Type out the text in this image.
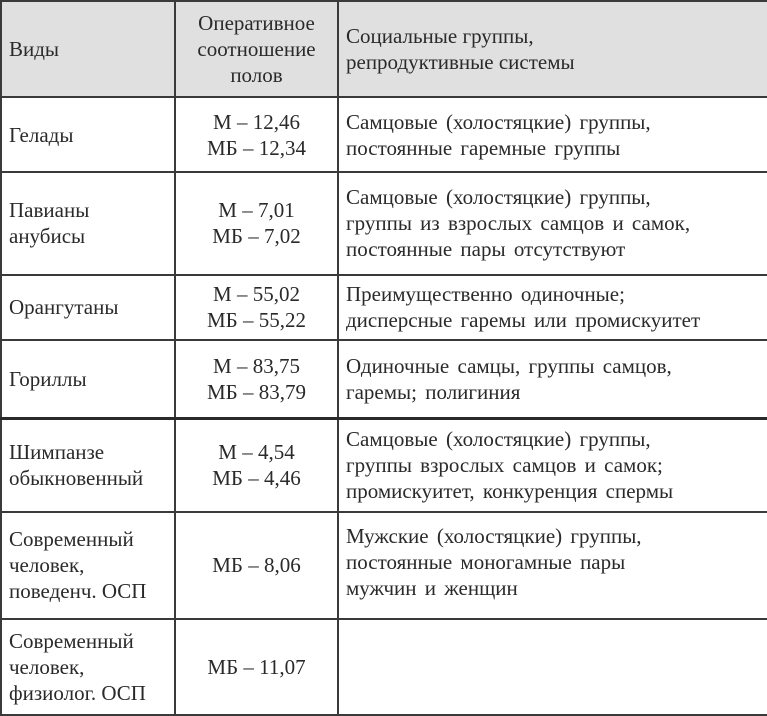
Виды	Оперативное
соотношение
полов	Социальные группы,
репродуктивные системы

Гелады	М – 12,46
МБ – 12,34	Самцовые (холостяцкие) группы,
постоянные гаремные группы

Павианы
анубисы	М – 7,01
МБ – 7,02	Самцовые (холостяцкие) группы,
группы из взрослых самцов и самок,
постоянные пары отсутствуют

Орангутаны	М – 55,02
МБ – 55,22	Преимущественно одиночные;
дисперсные гаремы или промискуитет

Гориллы	М – 83,75
МБ – 83,79	Одиночные самцы, группы самцов,
гаремы; полигиния

Шимпанзе
обыкновенный	М – 4,54
МБ – 4,46	Самцовые (холостяцкие) группы,
группы взрослых самцов и самок;
промискуитет, конкуренция спермы

Современный
человек,
поведенч. ОСП	МБ – 8,06	Мужские (холостяцкие) группы,
постоянные моногамные пары
мужчин и женщин

Современный
человек,
физиолог. ОСП	МБ – 11,07	
